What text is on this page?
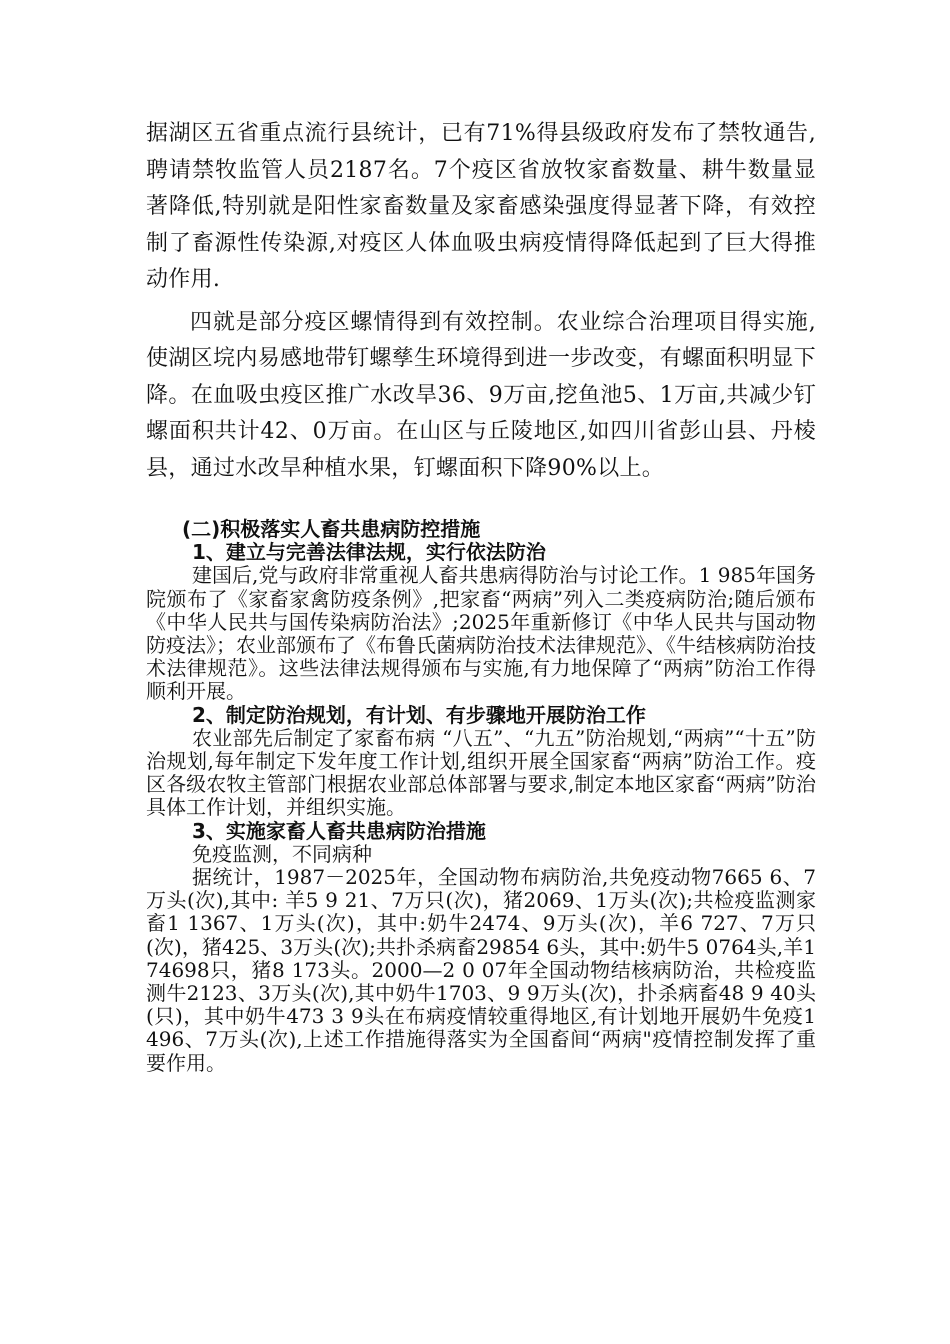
据湖区五省重点流行县统计，已有71%得县级政府发布了禁牧通告,聘请禁牧监管人员2187名。7个疫区省放牧家畜数量、耕牛数量显著降低,特别就是阳性家畜数量及家畜感染强度得显著下降，有效控制了畜源性传染源,对疫区人体血吸虫病疫情得降低起到了巨大得推动作用.

四就是部分疫区螺情得到有效控制。农业综合治理项目得实施,使湖区垸内易感地带钉螺孳生环境得到进一步改变，有螺面积明显下降。在血吸虫疫区推广水改旱36、9万亩,挖鱼池5、1万亩,共减少钉螺面积共计42、0万亩。在山区与丘陵地区,如四川省彭山县、丹棱县，通过水改旱种植水果，钉螺面积下降90%以上。

(二)积极落实人畜共患病防控措施

1、建立与完善法律法规，实行依法防治

建国后,党与政府非常重视人畜共患病得防治与讨论工作。1 985年国务院颁布了《家畜家禽防疫条例》,把家畜“两病”列入二类疫病防治;随后颁布《中华人民共与国传染病防治法》;2025年重新修订《中华人民共与国动物防疫法》；农业部颁布了《布鲁氏菌病防治技术法律规范》、《牛结核病防治技术法律规范》。这些法律法规得颁布与实施,有力地保障了“两病”防治工作得顺利开展。

2、制定防治规划，有计划、有步骤地开展防治工作

农业部先后制定了家畜布病 “八五”、“九五”防治规划,“两病”“十五”防治规划,每年制定下发年度工作计划,组织开展全国家畜“两病”防治工作。疫区各级农牧主管部门根据农业部总体部署与要求,制定本地区家畜“两病”防治具体工作计划，并组织实施。

3、实施家畜人畜共患病防治措施

免疫监测，不同病种

据统计，1987－2025年，全国动物布病防治,共免疫动物7665 6、7万头(次),其中: 羊5 9 21、7万只(次)，猪2069、1万头(次);共检疫监测家畜1 1367、1万头(次)，其中:奶牛2474、9万头(次)，羊6 727、7万只(次)，猪425、3万头(次);共扑杀病畜29854 6头，其中:奶牛5 0764头,羊1 74698只，猪8 173头。2000—2 0 07年全国动物结核病防治，共检疫监测牛2123、3万头(次),其中奶牛1703、9 9万头(次)，扑杀病畜48 9 40头(只)，其中奶牛473 3 9头在布病疫情较重得地区,有计划地开展奶牛免疫1 496、7万头(次),上述工作措施得落实为全国畜间“两病"疫情控制发挥了重要作用。
